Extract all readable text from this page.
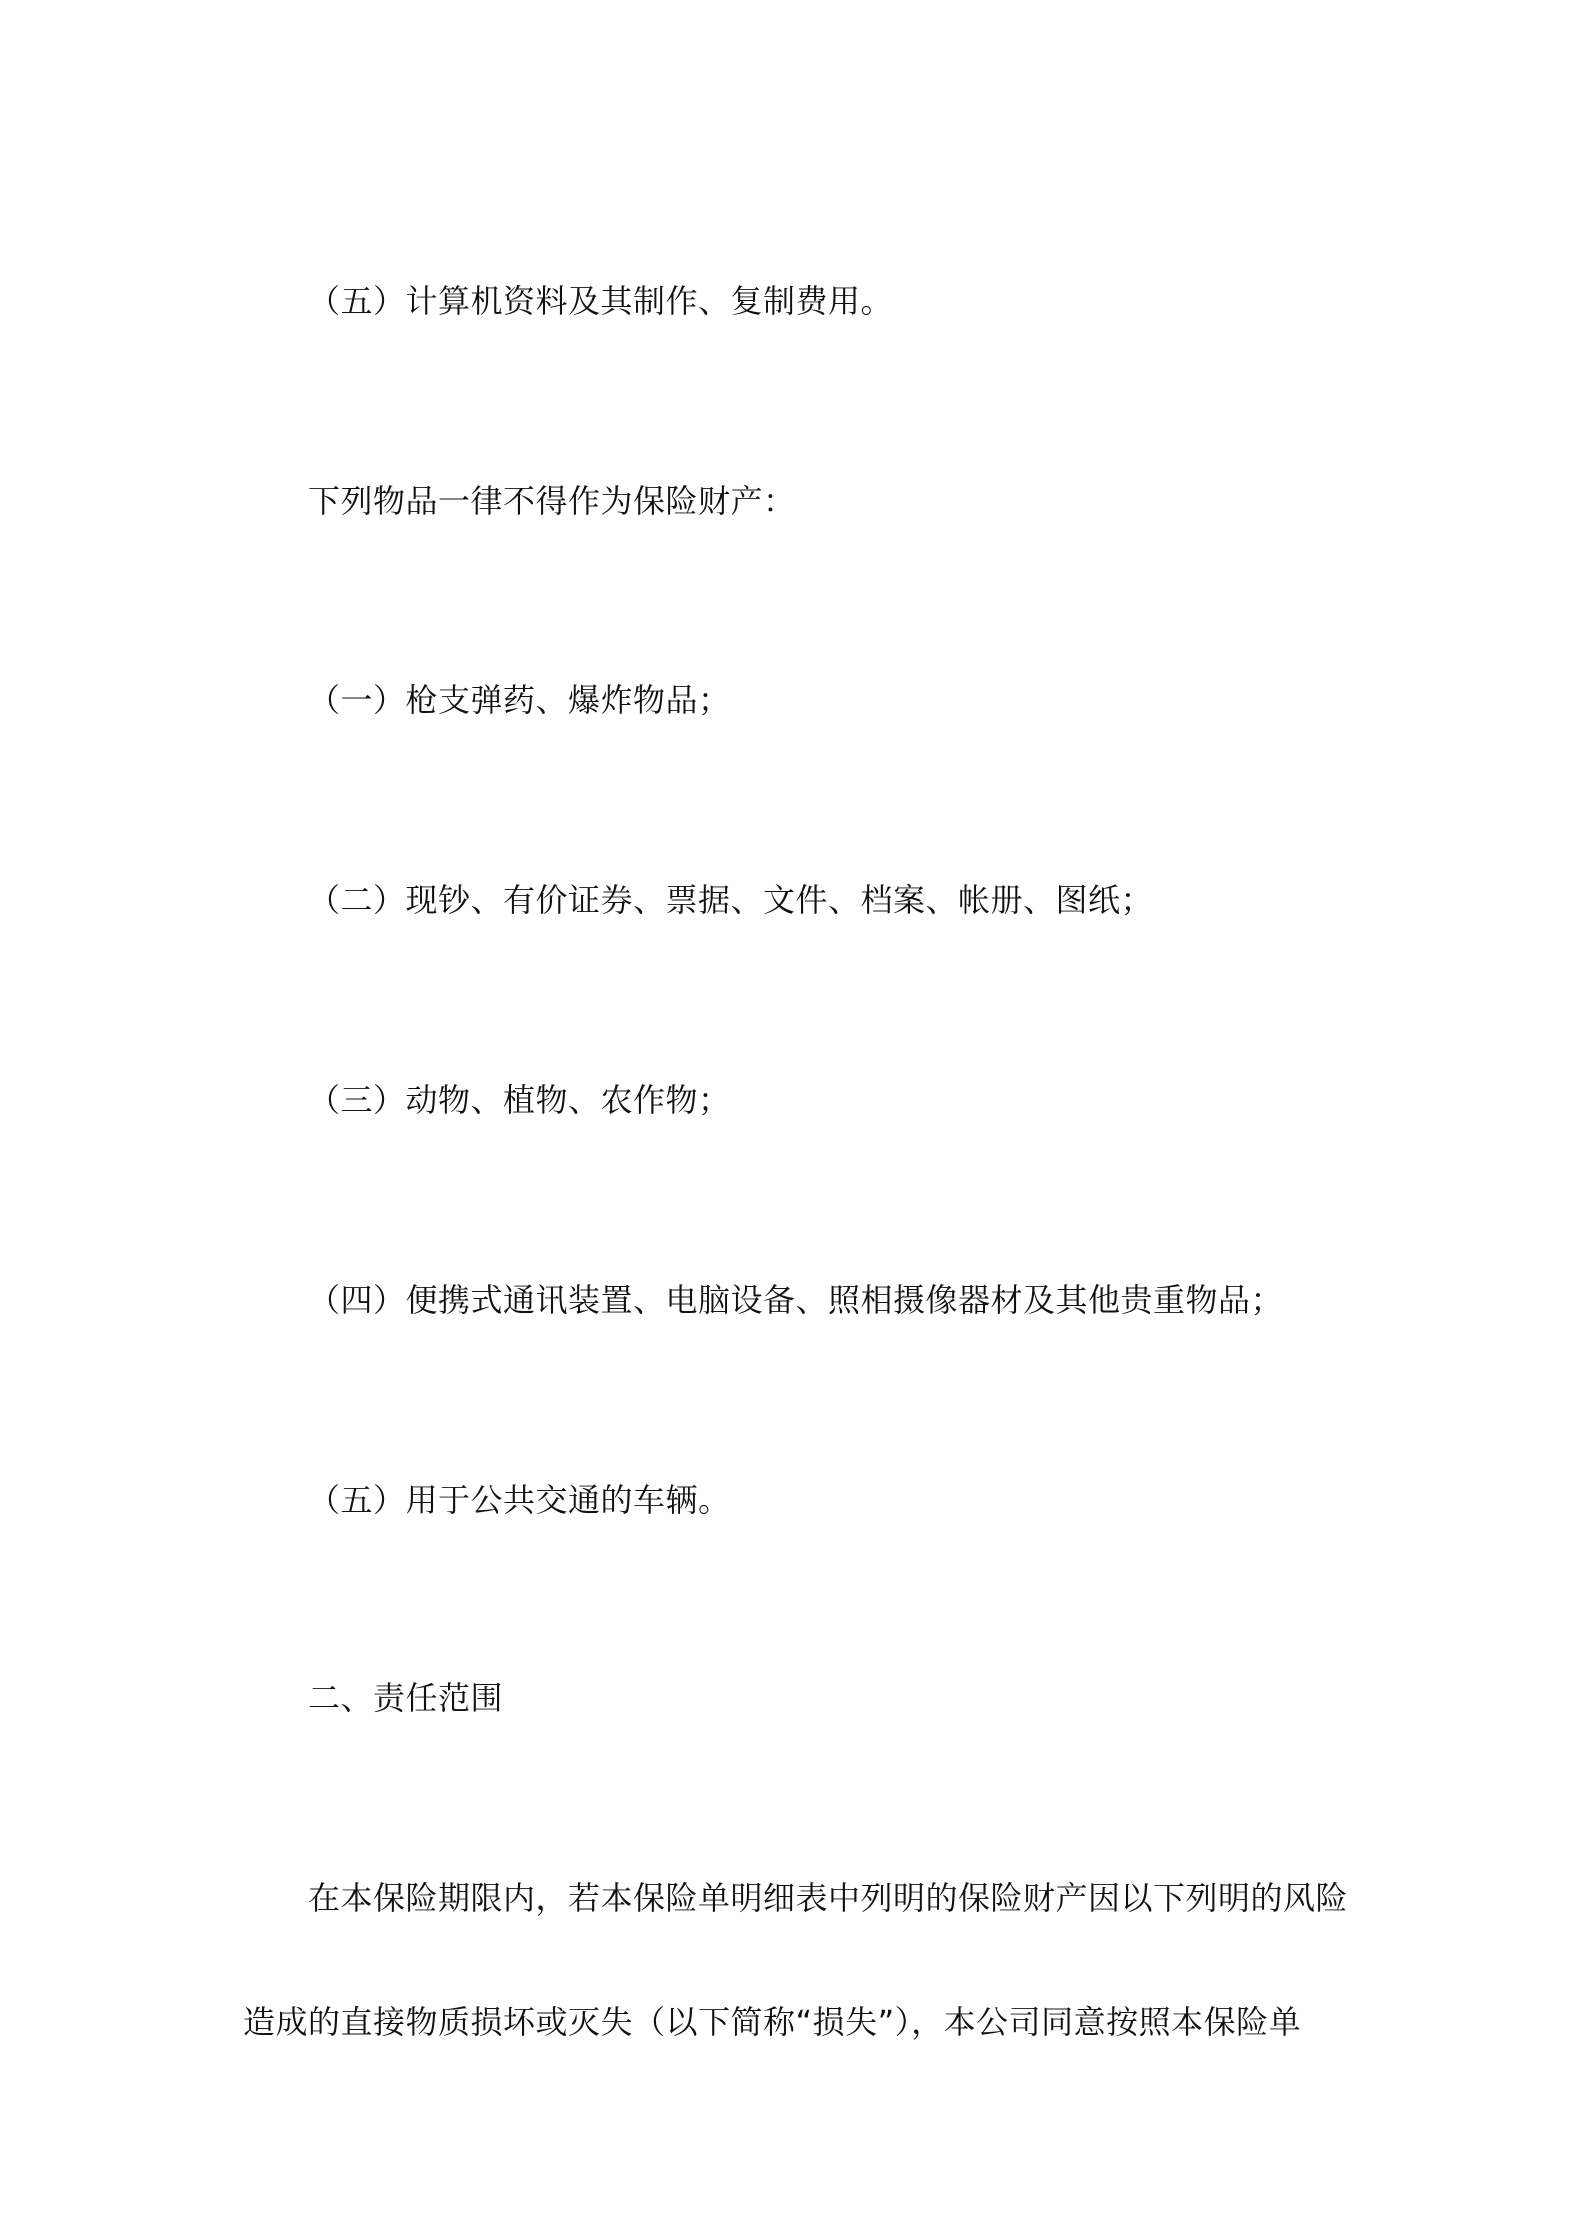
（五）计算机资料及其制作、复制费用。
下列物品一律不得作为保险财产：
（一）枪支弹药、爆炸物品；
（二）现钞、有价证券、票据、文件、档案、帐册、图纸；
（三）动物、植物、农作物；
（四）便携式通讯装置、电脑设备、照相摄像器材及其他贵重物品；
（五）用于公共交通的车辆。
二、责任范围
在本保险期限内，若本保险单明细表中列明的保险财产因以下列明的风险
造成的直接物质损坏或灭失（以下简称“损失”），本公司同意按照本保险单
